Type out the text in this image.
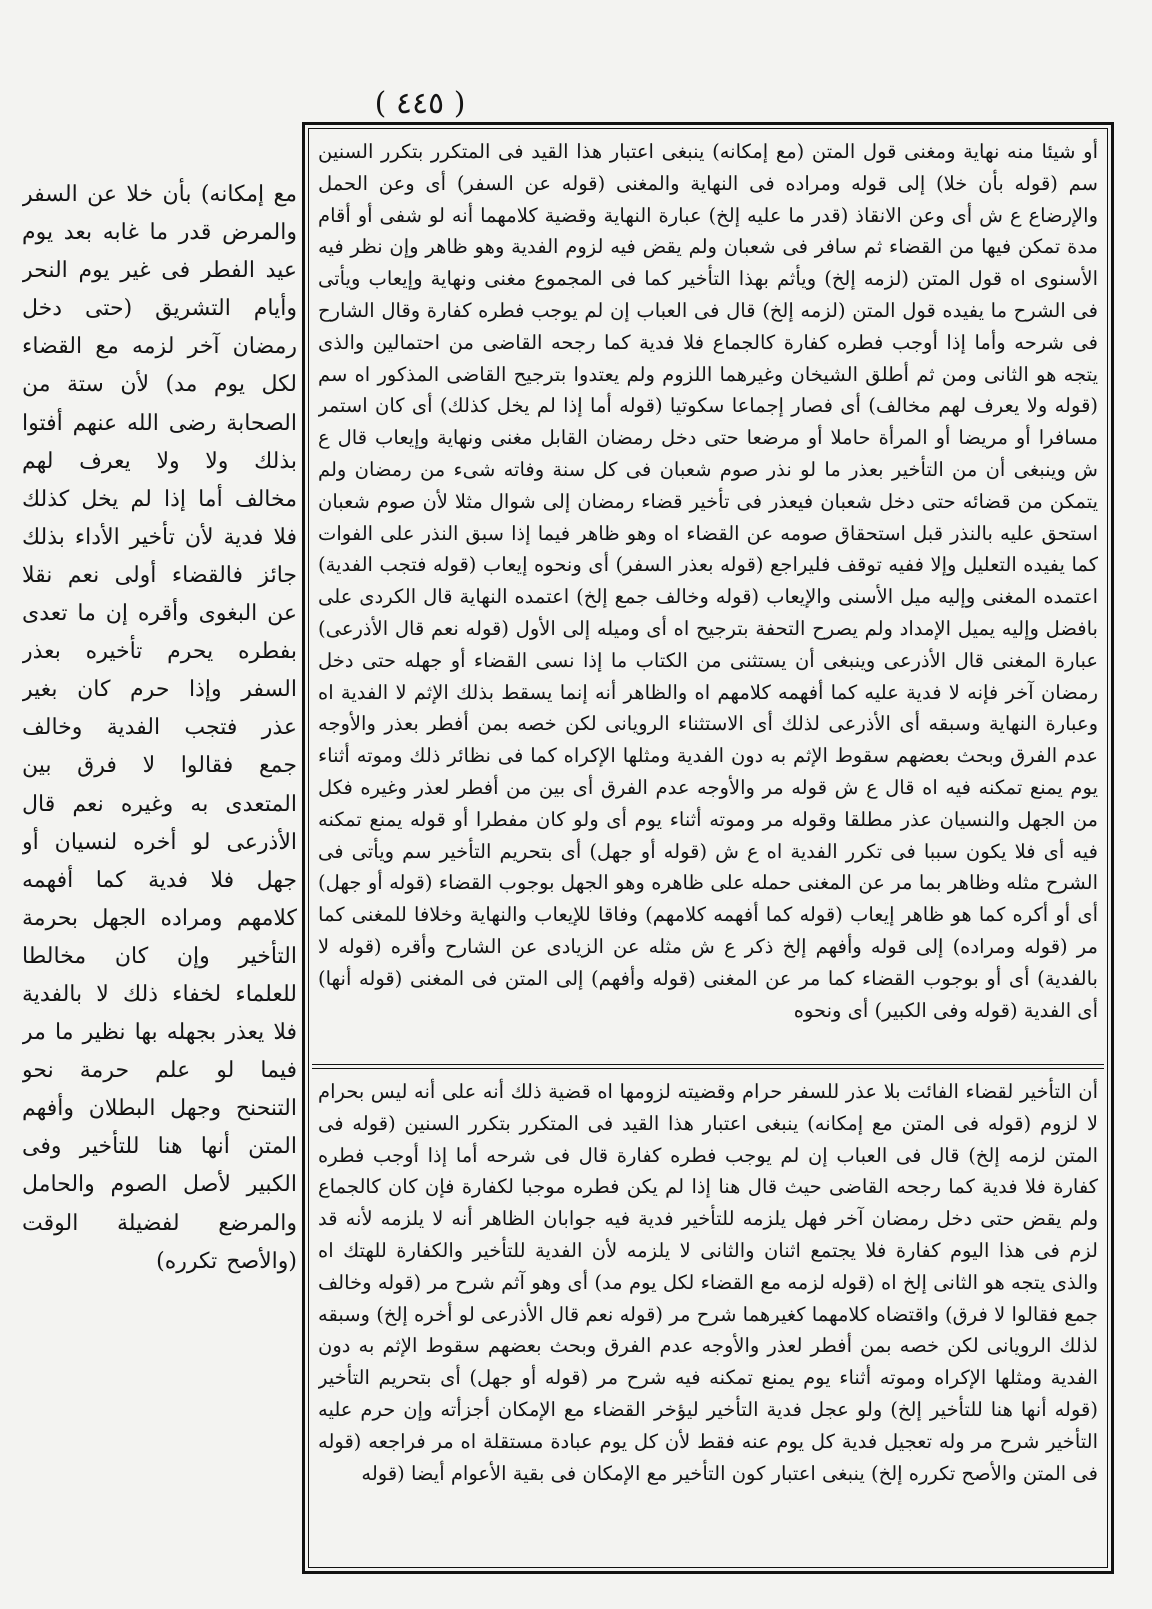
( ٤٤٥ )
مع إمكانه) بأن خلا عن السفر والمرض قدر ما غابه بعد يوم عيد الفطر فى غير يوم النحر وأيام التشريق (حتى دخل رمضان آخر لزمه مع القضاء لكل يوم مد) لأن ستة من الصحابة رضى الله عنهم أفتوا بذلك ولا ولا يعرف لهم مخالف أما إذا لم يخل كذلك فلا فدية لأن تأخير الأداء بذلك جائز فالقضاء أولى نعم نقلا عن البغوى وأقره إن ما تعدى بفطره يحرم تأخيره بعذر السفر وإذا حرم كان بغير عذر فتجب الفدية وخالف جمع فقالوا لا فرق بين المتعدى به وغيره نعم قال الأذرعى لو أخره لنسيان أو جهل فلا فدية كما أفهمه كلامهم ومراده الجهل بحرمة التأخير وإن كان مخالطا للعلماء لخفاء ذلك لا بالفدية فلا يعذر بجهله بها نظير ما مر فيما لو علم حرمة نحو التنحنح وجهل البطلان وأفهم المتن أنها هنا للتأخير وفى الكبير لأصل الصوم والحامل والمرضع لفضيلة الوقت (والأصح تكرره)
أو شيئا منه نهاية ومغنى قول المتن (مع إمكانه) ينبغى اعتبار هذا القيد فى المتكرر بتكرر السنين سم (قوله بأن خلا) إلى قوله ومراده فى النهاية والمغنى (قوله عن السفر) أى وعن الحمل والإرضاع ع ش أى وعن الانقاذ (قدر ما عليه إلخ) عبارة النهاية وقضية كلامهما أنه لو شفى أو أقام مدة تمكن فيها من القضاء ثم سافر فى شعبان ولم يقض فيه لزوم الفدية وهو ظاهر وإن نظر فيه الأسنوى اه قول المتن (لزمه إلخ) ويأثم بهذا التأخير كما فى المجموع مغنى ونهاية وإيعاب ويأتى فى الشرح ما يفيده قول المتن (لزمه إلخ) قال فى العباب إن لم يوجب فطره كفارة وقال الشارح فى شرحه وأما إذا أوجب فطره كفارة كالجماع فلا فدية كما رجحه القاضى من احتمالين والذى يتجه هو الثانى ومن ثم أطلق الشيخان وغيرهما اللزوم ولم يعتدوا بترجيح القاضى المذكور اه سم (قوله ولا يعرف لهم مخالف) أى فصار إجماعا سكوتيا (قوله أما إذا لم يخل كذلك) أى كان استمر مسافرا أو مريضا أو المرأة حاملا أو مرضعا حتى دخل رمضان القابل مغنى ونهاية وإيعاب قال ع ش وينبغى أن من التأخير بعذر ما لو نذر صوم شعبان فى كل سنة وفاته شىء من رمضان ولم يتمكن من قضائه حتى دخل شعبان فيعذر فى تأخير قضاء رمضان إلى شوال مثلا لأن صوم شعبان استحق عليه بالنذر قبل استحقاق صومه عن القضاء اه وهو ظاهر فيما إذا سبق النذر على الفوات كما يفيده التعليل وإلا ففيه توقف فليراجع (قوله بعذر السفر) أى ونحوه إيعاب (قوله فتجب الفدية) اعتمده المغنى وإليه ميل الأسنى والإيعاب (قوله وخالف جمع إلخ) اعتمده النهاية قال الكردى على بافضل وإليه يميل الإمداد ولم يصرح التحفة بترجيح اه أى وميله إلى الأول (قوله نعم قال الأذرعى) عبارة المغنى قال الأذرعى وينبغى أن يستثنى من الكتاب ما إذا نسى القضاء أو جهله حتى دخل رمضان آخر فإنه لا فدية عليه كما أفهمه كلامهم اه والظاهر أنه إنما يسقط بذلك الإثم لا الفدية اه وعبارة النهاية وسبقه أى الأذرعى لذلك أى الاستثناء الرويانى لكن خصه بمن أفطر بعذر والأوجه عدم الفرق وبحث بعضهم سقوط الإثم به دون الفدية ومثلها الإكراه كما فى نظائر ذلك وموته أثناء يوم يمنع تمكنه فيه اه قال ع ش قوله مر والأوجه عدم الفرق أى بين من أفطر لعذر وغيره فكل من الجهل والنسيان عذر مطلقا وقوله مر وموته أثناء يوم أى ولو كان مفطرا أو قوله يمنع تمكنه فيه أى فلا يكون سببا فى تكرر الفدية اه ع ش (قوله أو جهل) أى بتحريم التأخير سم ويأتى فى الشرح مثله وظاهر بما مر عن المغنى حمله على ظاهره وهو الجهل بوجوب القضاء (قوله أو جهل) أى أو أكره كما هو ظاهر إيعاب (قوله كما أفهمه كلامهم) وفاقا للإيعاب والنهاية وخلافا للمغنى كما مر (قوله ومراده) إلى قوله وأفهم إلخ ذكر ع ش مثله عن الزيادى عن الشارح وأقره (قوله لا بالفدية) أى أو بوجوب القضاء كما مر عن المغنى (قوله وأفهم) إلى المتن فى المغنى (قوله أنها) أى الفدية (قوله وفى الكبير) أى ونحوه
أن التأخير لقضاء الفائت بلا عذر للسفر حرام وقضيته لزومها اه قضية ذلك أنه على أنه ليس بحرام لا لزوم (قوله فى المتن مع إمكانه) ينبغى اعتبار هذا القيد فى المتكرر بتكرر السنين (قوله فى المتن لزمه إلخ) قال فى العباب إن لم يوجب فطره كفارة قال فى شرحه أما إذا أوجب فطره كفارة فلا فدية كما رجحه القاضى حيث قال هنا إذا لم يكن فطره موجبا لكفارة فإن كان كالجماع ولم يقض حتى دخل رمضان آخر فهل يلزمه للتأخير فدية فيه جوابان الظاهر أنه لا يلزمه لأنه قد لزم فى هذا اليوم كفارة فلا يجتمع اثنان والثانى لا يلزمه لأن الفدية للتأخير والكفارة للهتك اه والذى يتجه هو الثانى إلخ اه (قوله لزمه مع القضاء لكل يوم مد) أى وهو آثم شرح مر (قوله وخالف جمع فقالوا لا فرق) واقتضاه كلامهما كغيرهما شرح مر (قوله نعم قال الأذرعى لو أخره إلخ) وسبقه لذلك الرويانى لكن خصه بمن أفطر لعذر والأوجه عدم الفرق وبحث بعضهم سقوط الإثم به دون الفدية ومثلها الإكراه وموته أثناء يوم يمنع تمكنه فيه شرح مر (قوله أو جهل) أى بتحريم التأخير (قوله أنها هنا للتأخير إلخ) ولو عجل فدية التأخير ليؤخر القضاء مع الإمكان أجزأته وإن حرم عليه التأخير شرح مر وله تعجيل فدية كل يوم عنه فقط لأن كل يوم عبادة مستقلة اه مر فراجعه (قوله فى المتن والأصح تكرره إلخ) ينبغى اعتبار كون التأخير مع الإمكان فى بقية الأعوام أيضا (قوله
